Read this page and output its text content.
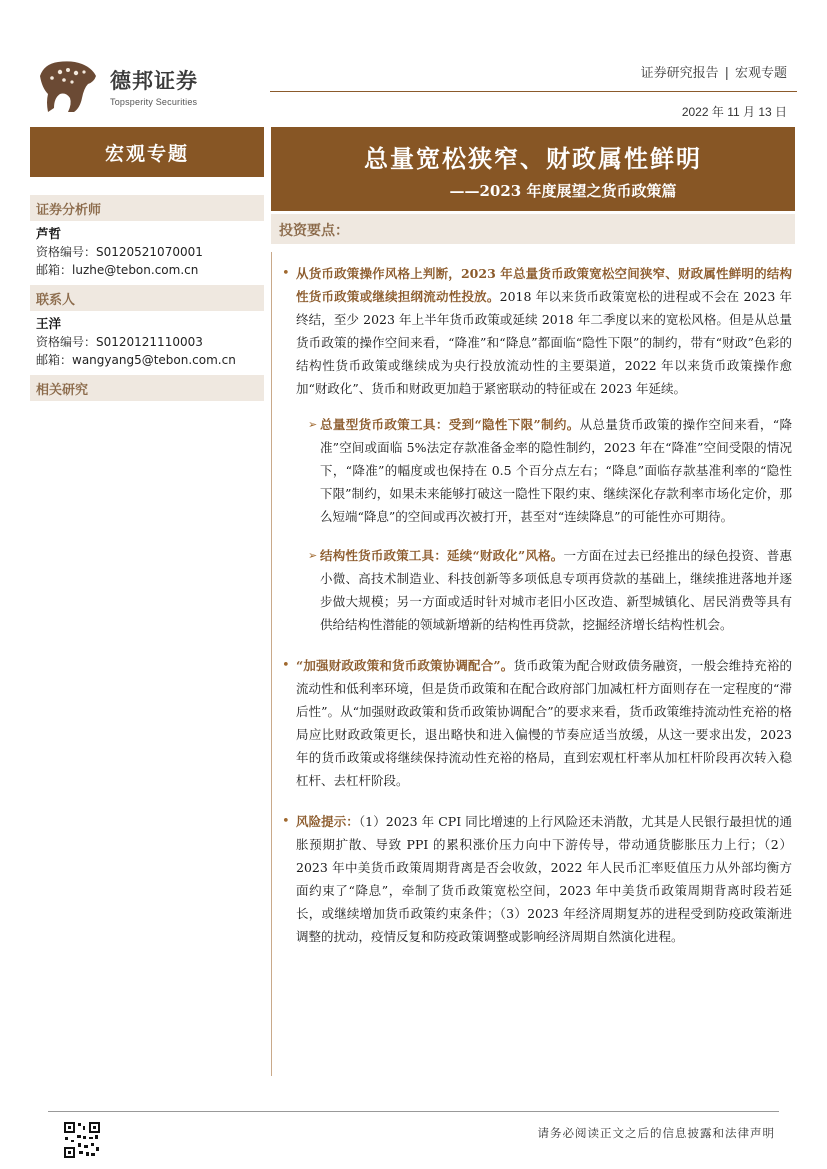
德邦证券
Topsperity Securities
证券研究报告 | 宏观专题
2022 年 11 月 13 日
宏观专题
证券分析师
芦哲
资格编号：S0120521070001
邮箱：luzhe@tebon.com.cn
联系人
王洋
资格编号：S0120121110003
邮箱：wangyang5@tebon.com.cn
相关研究
总量宽松狭窄、财政属性鲜明
——2023 年度展望之货币政策篇
投资要点：
• 从货币政策操作风格上判断，2023 年总量货币政策宽松空间狭窄、财政属性鲜明的结构性货币政策或继续担纲流动性投放。2018 年以来货币政策宽松的进程或不会在 2023 年终结，至少 2023 年上半年货币政策或延续 2018 年二季度以来的宽松风格。但是从总量货币政策的操作空间来看，“降准”和“降息”都面临“隐性下限”的制约，带有“财政”色彩的结构性货币政策或继续成为央行投放流动性的主要渠道，2022 年以来货币政策操作愈加“财政化”、货币和财政更加趋于紧密联动的特征或在 2023 年延续。
➢ 总量型货币政策工具：受到“隐性下限”制约。从总量货币政策的操作空间来看，“降准”空间或面临 5%法定存款准备金率的隐性制约，2023 年在“降准”空间受限的情况下，“降准”的幅度或也保持在 0.5 个百分点左右；“降息”面临存款基准利率的“隐性下限”制约，如果未来能够打破这一隐性下限约束、继续深化存款利率市场化定价，那么短端“降息”的空间或再次被打开，甚至对“连续降息”的可能性亦可期待。
➢ 结构性货币政策工具：延续“财政化”风格。一方面在过去已经推出的绿色投资、普惠小微、高技术制造业、科技创新等多项低息专项再贷款的基础上，继续推进落地并逐步做大规模；另一方面或适时针对城市老旧小区改造、新型城镇化、居民消费等具有供给结构性潜能的领域新增新的结构性再贷款，挖掘经济增长结构性机会。
• “加强财政政策和货币政策协调配合”。货币政策为配合财政债务融资，一般会维持充裕的流动性和低利率环境，但是货币政策和在配合政府部门加减杠杆方面则存在一定程度的“滞后性”。从“加强财政政策和货币政策协调配合”的要求来看，货币政策维持流动性充裕的格局应比财政政策更长，退出略快和进入偏慢的节奏应适当放缓，从这一要求出发，2023 年的货币政策或将继续保持流动性充裕的格局，直到宏观杠杆率从加杠杆阶段再次转入稳杠杆、去杠杆阶段。
• 风险提示：（1）2023 年 CPI 同比增速的上行风险还未消散，尤其是人民银行最担忧的通胀预期扩散、导致 PPI 的累积涨价压力向中下游传导，带动通货膨胀压力上行；（2）2023 年中美货币政策周期背离是否会收敛，2022 年人民币汇率贬值压力从外部均衡方面约束了“降息”，牵制了货币政策宽松空间，2023 年中美货币政策周期背离时段若延长，或继续增加货币政策约束条件；（3）2023 年经济周期复苏的进程受到防疫政策渐进调整的扰动，疫情反复和防疫政策调整或影响经济周期自然演化进程。
请务必阅读正文之后的信息披露和法律声明
